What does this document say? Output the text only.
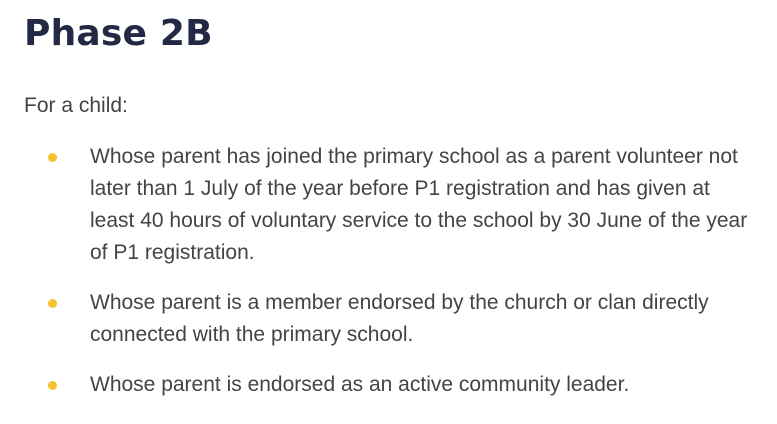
Phase 2B

For a child:

Whose parent has joined the primary school as a parent volunteer not later than 1 July of the year before P1 registration and has given at least 40 hours of voluntary service to the school by 30 June of the year of P1 registration.
Whose parent is a member endorsed by the church or clan directly connected with the primary school.
Whose parent is endorsed as an active community leader.
